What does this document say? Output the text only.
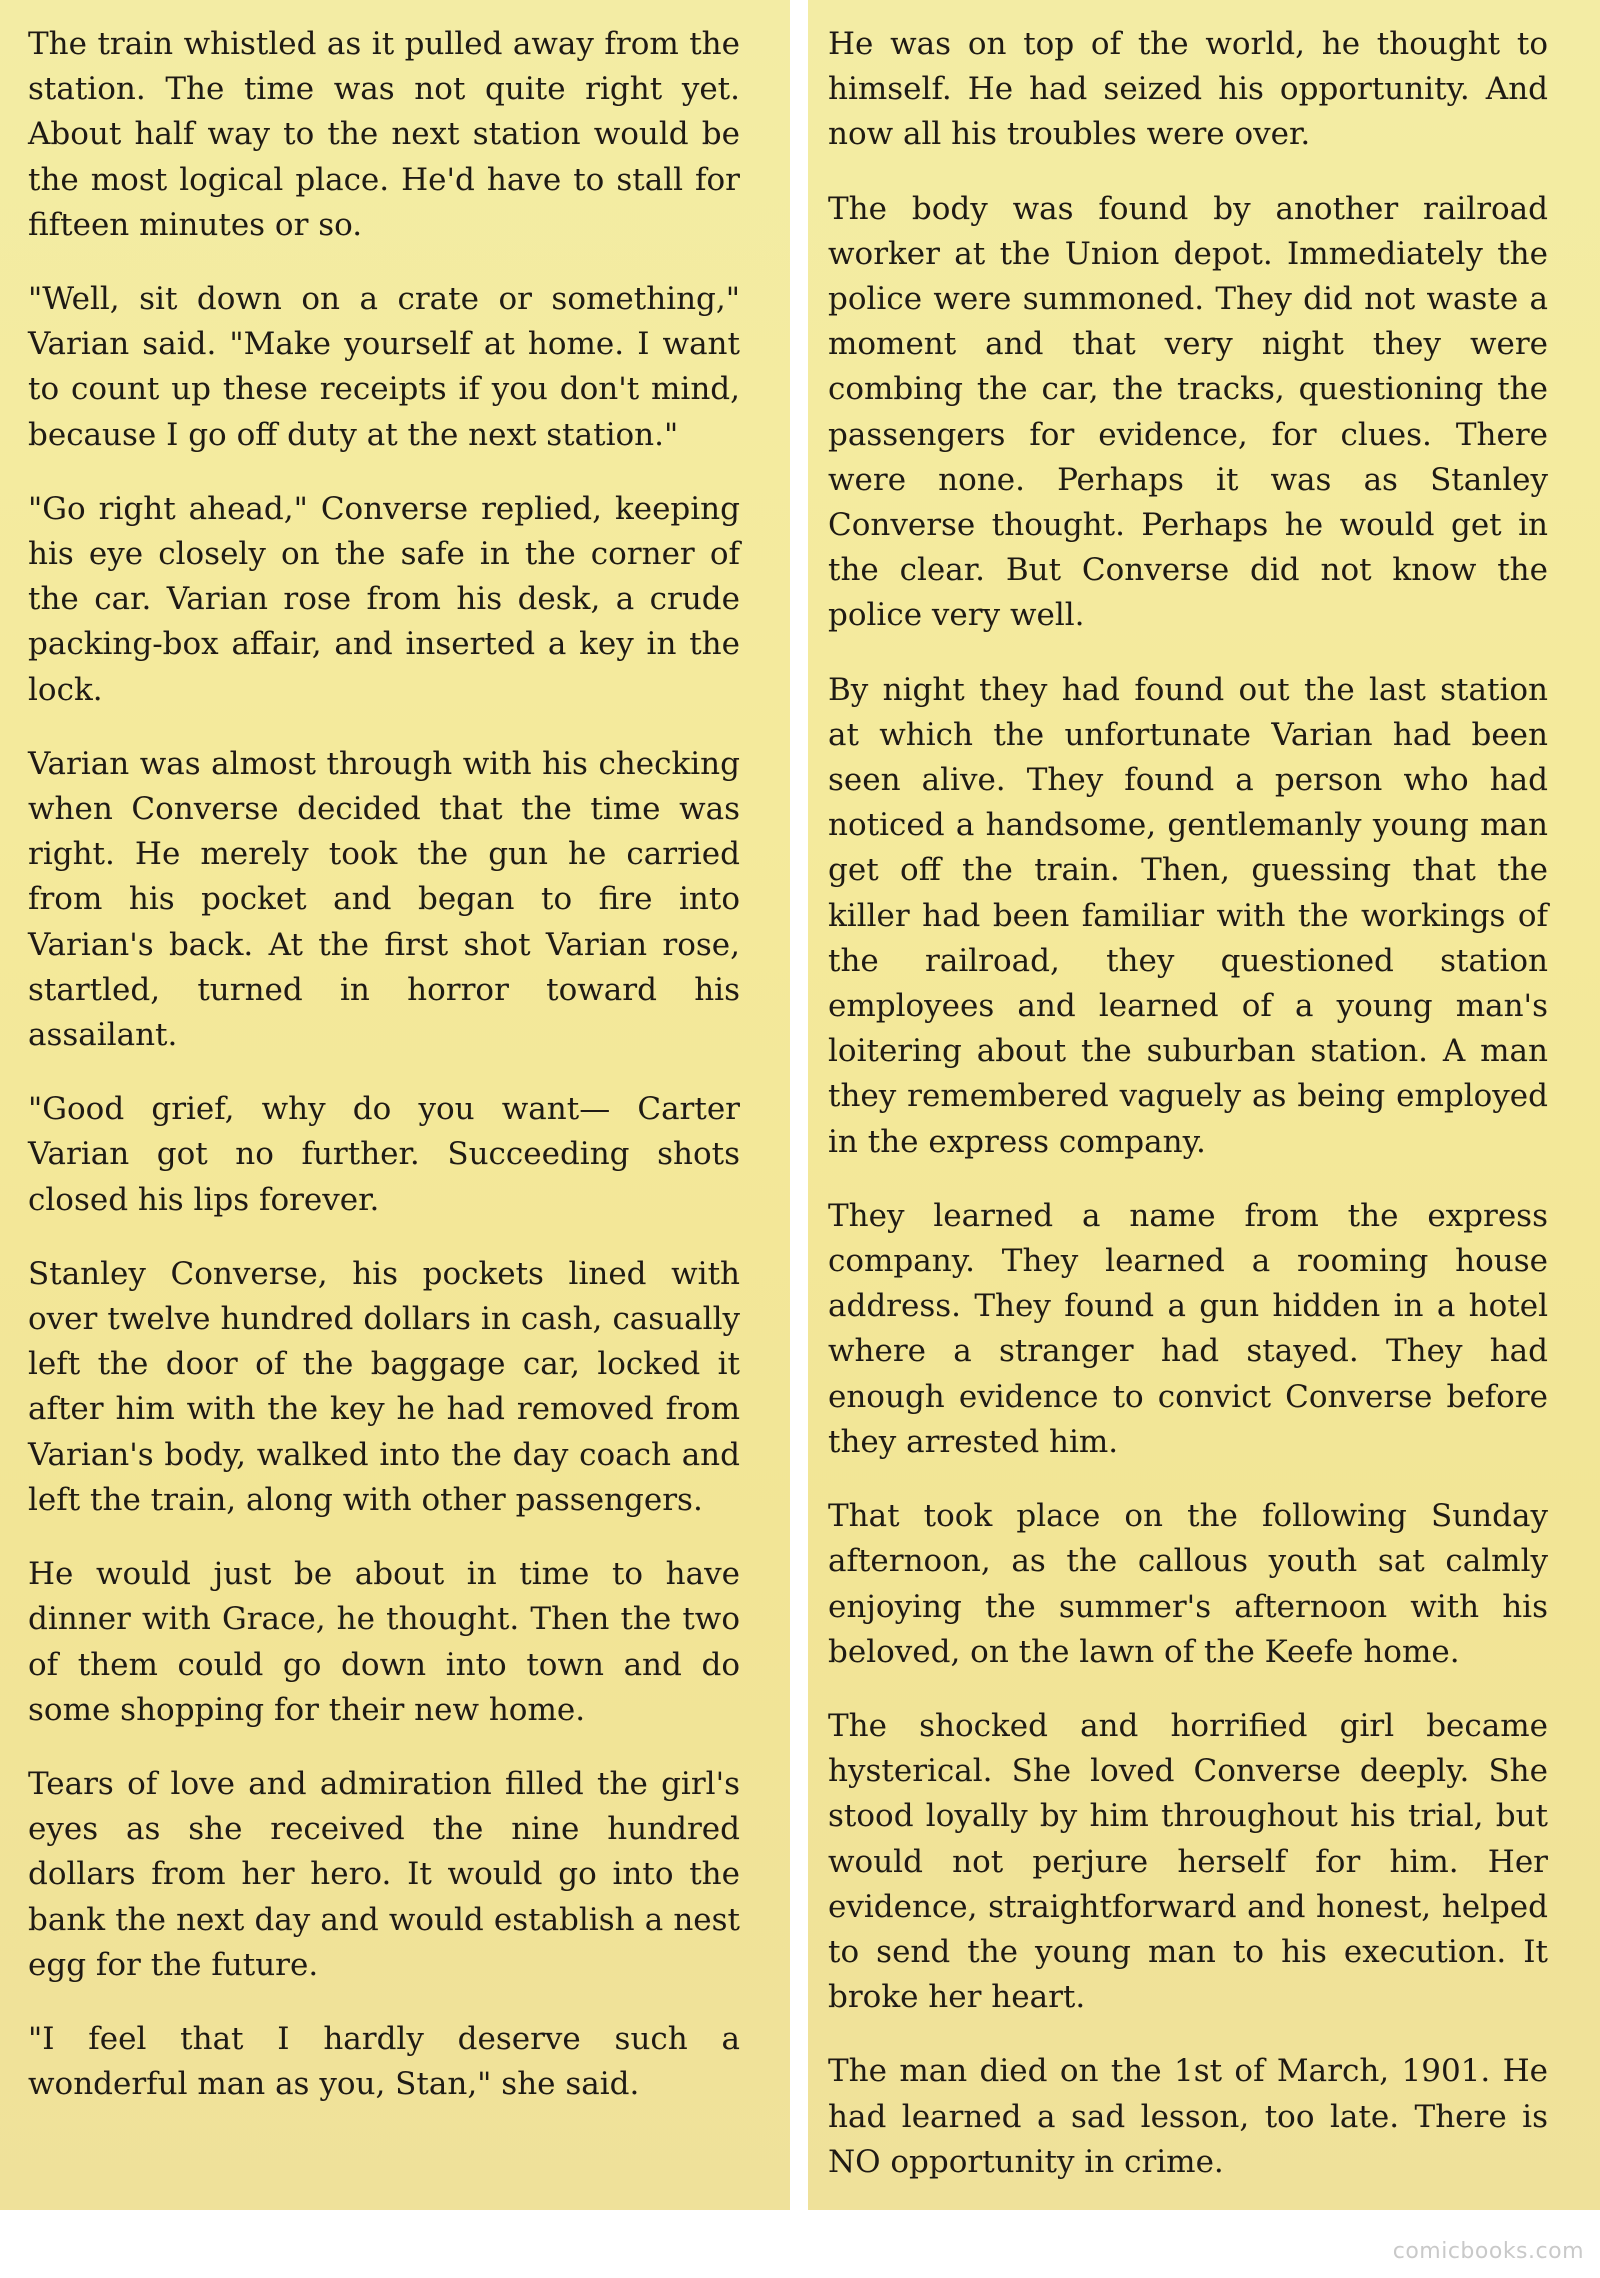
The train whistled as it pulled away from the station. The time was not quite right yet. About half way to the next station would be the most logical place. He'd have to stall for fifteen minutes or so.

"Well, sit down on a crate or something," Varian said. "Make yourself at home. I want to count up these receipts if you don't mind, because I go off duty at the next station."

"Go right ahead," Converse replied, keeping his eye closely on the safe in the corner of the car. Varian rose from his desk, a crude packing-box affair, and inserted a key in the lock.

Varian was almost through with his checking when Converse decided that the time was right. He merely took the gun he carried from his pocket and began to fire into Varian's back. At the first shot Varian rose, startled, turned in horror toward his assailant.

"Good grief, why do you want— Carter Varian got no further. Succeeding shots closed his lips forever.

Stanley Converse, his pockets lined with over twelve hundred dollars in cash, casually left the door of the baggage car, locked it after him with the key he had removed from Varian's body, walked into the day coach and left the train, along with other passengers.

He would just be about in time to have dinner with Grace, he thought. Then the two of them could go down into town and do some shopping for their new home.

Tears of love and admiration filled the girl's eyes as she received the nine hundred dollars from her hero. It would go into the bank the next day and would establish a nest egg for the future.

"I feel that I hardly deserve such a wonderful man as you, Stan," she said.

He was on top of the world, he thought to himself. He had seized his opportunity. And now all his troubles were over.

The body was found by another railroad worker at the Union depot. Immediately the police were summoned. They did not waste a moment and that very night they were combing the car, the tracks, questioning the passengers for evidence, for clues. There were none. Perhaps it was as Stanley Converse thought. Perhaps he would get in the clear. But Converse did not know the police very well.

By night they had found out the last station at which the unfortunate Varian had been seen alive. They found a person who had noticed a handsome, gentlemanly young man get off the train. Then, guessing that the killer had been familiar with the workings of the railroad, they questioned station employees and learned of a young man's loitering about the suburban station. A man they remembered vaguely as being employed in the express company.

They learned a name from the express company. They learned a rooming house address. They found a gun hidden in a hotel where a stranger had stayed. They had enough evidence to convict Converse before they arrested him.

That took place on the following Sunday afternoon, as the callous youth sat calmly enjoying the summer's afternoon with his beloved, on the lawn of the Keefe home.

The shocked and horrified girl became hysterical. She loved Converse deeply. She stood loyally by him throughout his trial, but would not perjure herself for him. Her evidence, straightforward and honest, helped to send the young man to his execution. It broke her heart.

The man died on the 1st of March, 1901. He had learned a sad lesson, too late. There is NO opportunity in crime.

comicbooks.com
